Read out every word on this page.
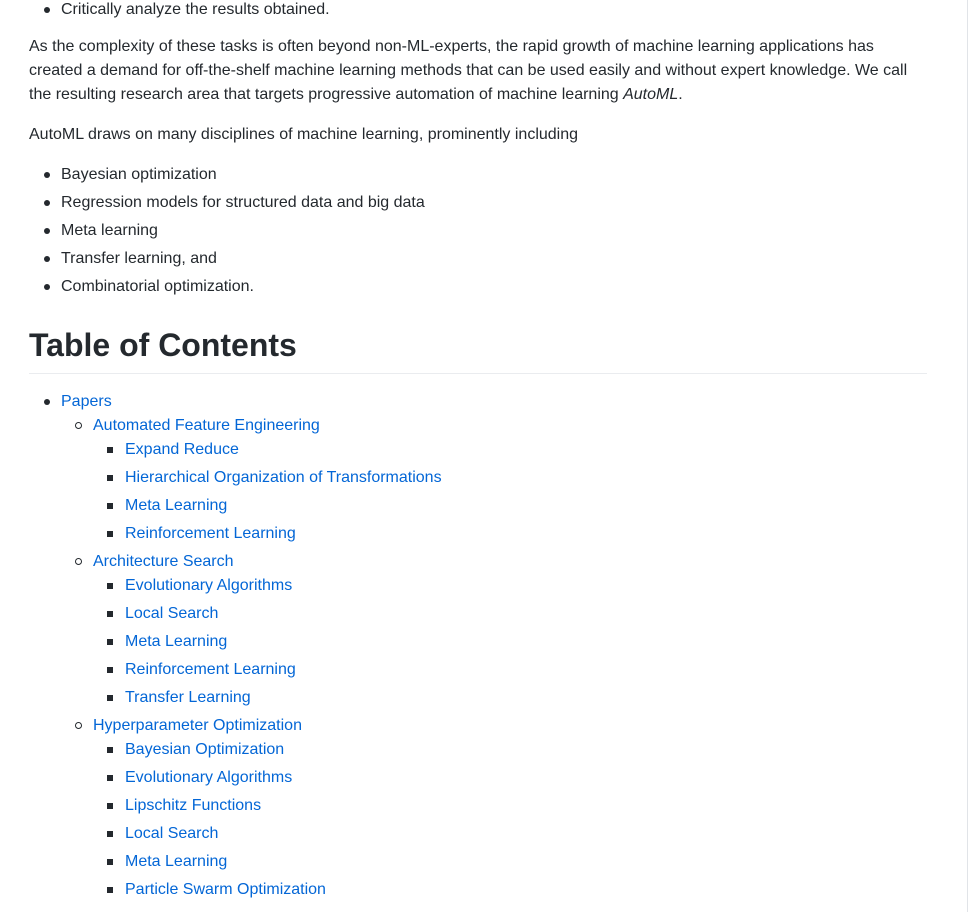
Critically analyze the results obtained.

As the complexity of these tasks is often beyond non-ML-experts, the rapid growth of machine learning applications has created a demand for off-the-shelf machine learning methods that can be used easily and without expert knowledge. We call the resulting research area that targets progressive automation of machine learning AutoML.

AutoML draws on many disciplines of machine learning, prominently including

Bayesian optimization
Regression models for structured data and big data
Meta learning
Transfer learning, and
Combinatorial optimization.
Table of Contents
Papers
Automated Feature Engineering
Expand Reduce
Hierarchical Organization of Transformations
Meta Learning
Reinforcement Learning
Architecture Search
Evolutionary Algorithms
Local Search
Meta Learning
Reinforcement Learning
Transfer Learning
Hyperparameter Optimization
Bayesian Optimization
Evolutionary Algorithms
Lipschitz Functions
Local Search
Meta Learning
Particle Swarm Optimization
